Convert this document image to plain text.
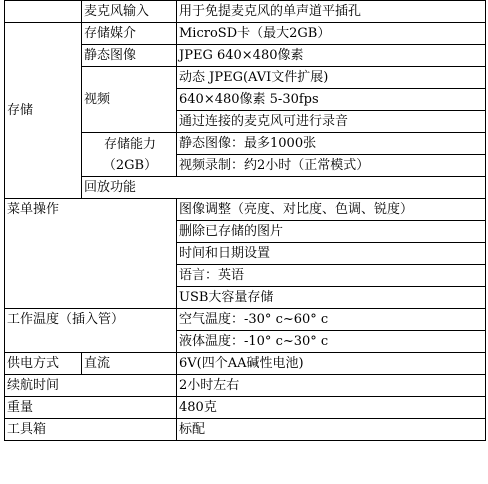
	麦克风输入	用于免提麦克风的单声道平插孔	
存储	存储媒介	MicroSD卡（最大2GB）	
	静态图像	JPEG 640×480像素	
	视频	动态 JPEG(AVI文件扩展)	
		640×480像素 5-30fps	
		通过连接的麦克风可进行录音	
	存储能力（2GB）	静态图像：最多1000张	
		视频录制：约2小时（正常模式）	
	回放功能	
菜单操作		图像调整（亮度、对比度、色调、锐度）	
		删除已存储的图片	
		时间和日期设置	
		语言：英语	
		USB大容量存储	
工作温度（插入管）		空气温度：-30° c~60° c	
		液体温度：-10° c~30° c	
供电方式	直流	6V(四个AA碱性电池)	
续航时间		2小时左右	
重量		480克	
工具箱		标配	
